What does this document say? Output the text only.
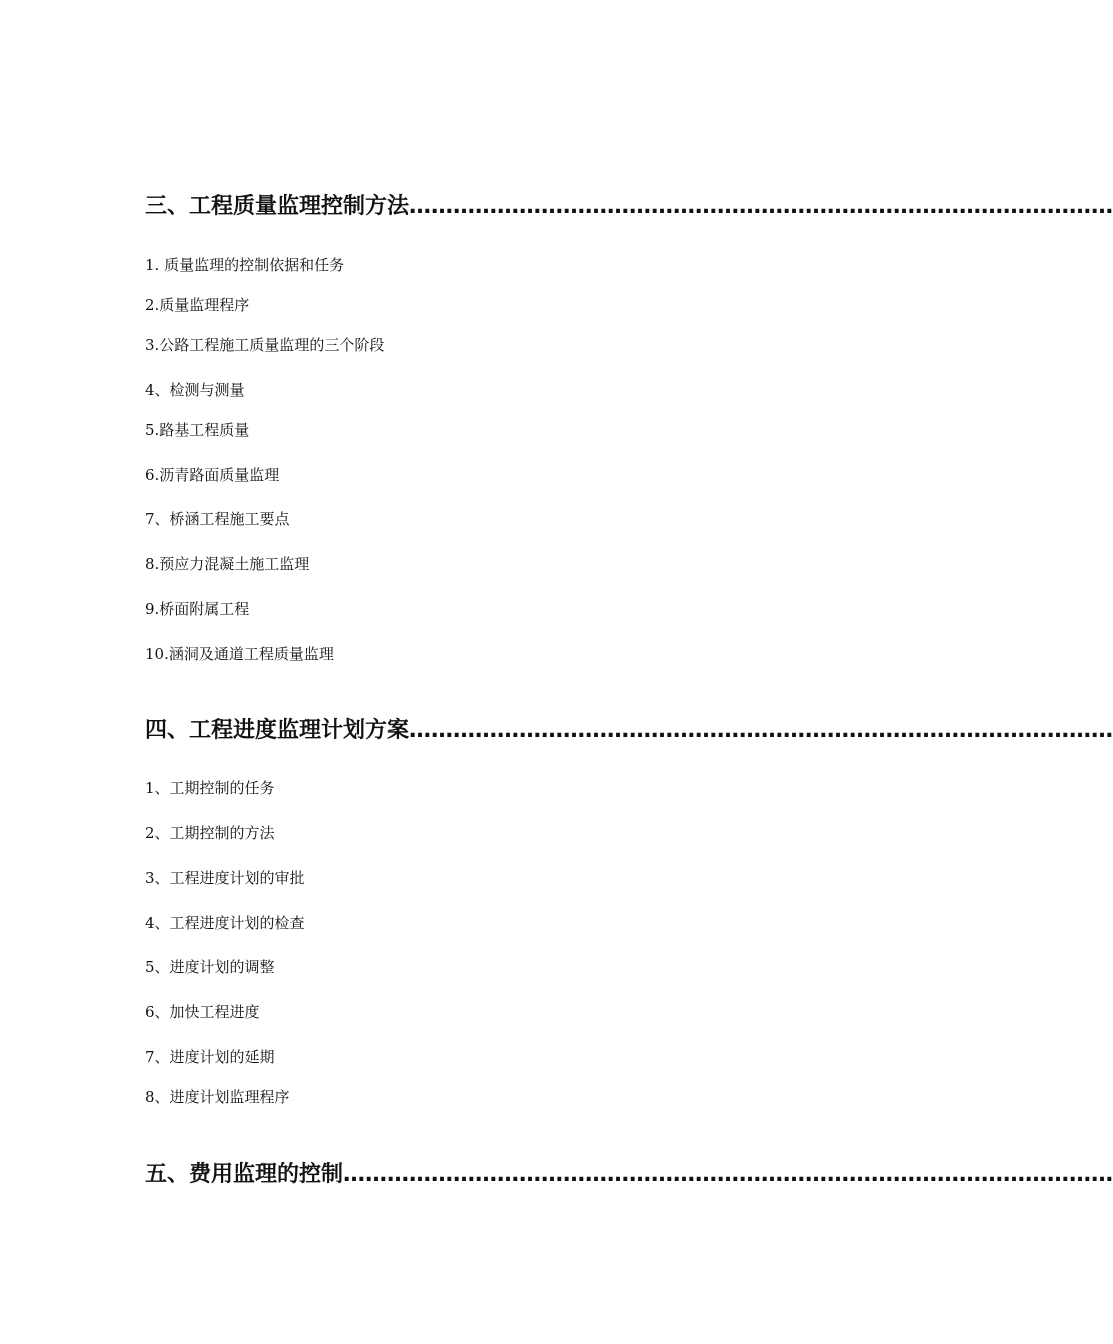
三、工程质量监理控制方法 ……………………………………………………………………………………
1. 质量监理的控制依据和任务
2.质量监理程序
3.公路工程施工质量监理的三个阶段
4、检测与测量
5.路基工程质量
6.沥青路面质量监理
7、桥涵工程施工要点
8.预应力混凝土施工监理
9.桥面附属工程
10.涵洞及通道工程质量监理
四、工程进度监理计划方案 ……………………………………………………………………………………
1、工期控制的任务
2、工期控制的方法
3、工程进度计划的审批
4、工程进度计划的检查
5、进度计划的调整
6、加快工程进度
7、进度计划的延期
8、进度计划监理程序
五、费用监理的控制 ……………………………………………………………………………………………
